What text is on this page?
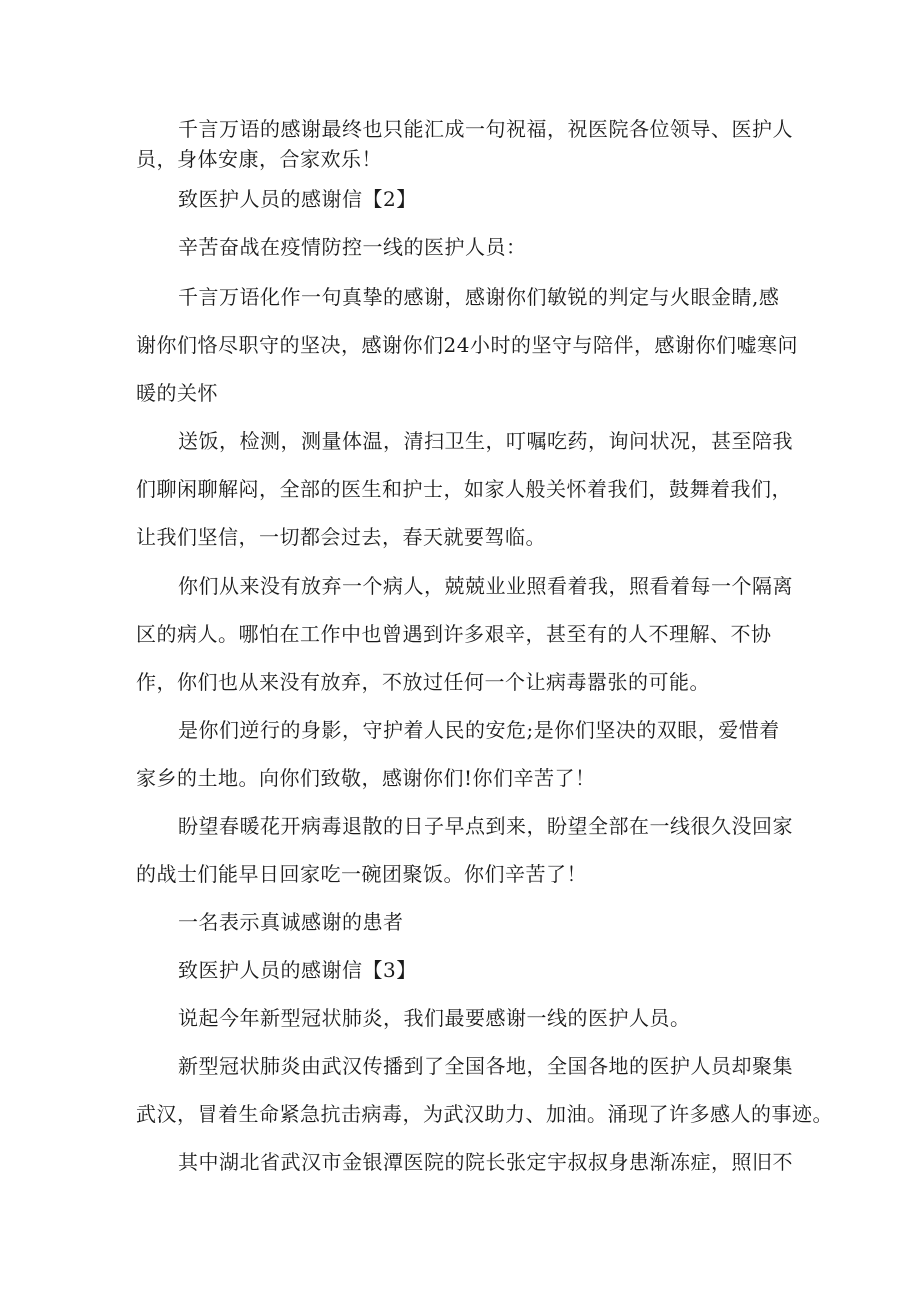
千言万语的感谢最终也只能汇成一句祝福，祝医院各位领导、医护人
员，身体安康，合家欢乐！
致医护人员的感谢信【2】
辛苦奋战在疫情防控一线的医护人员：
千言万语化作一句真挚的感谢，感谢你们敏锐的判定与火眼金睛,感
谢你们恪尽职守的坚决，感谢你们24小时的坚守与陪伴，感谢你们嘘寒问
暖的关怀
送饭，检测，测量体温，清扫卫生，叮嘱吃药，询问状况，甚至陪我
们聊闲聊解闷，全部的医生和护士，如家人般关怀着我们，鼓舞着我们，
让我们坚信，一切都会过去，春天就要驾临。
你们从来没有放弃一个病人，兢兢业业照看着我，照看着每一个隔离
区的病人。哪怕在工作中也曾遇到许多艰辛，甚至有的人不理解、不协
作，你们也从来没有放弃，不放过任何一个让病毒嚣张的可能。
是你们逆行的身影，守护着人民的安危;是你们坚决的双眼，爱惜着
家乡的土地。向你们致敬，感谢你们!你们辛苦了！
盼望春暖花开病毒退散的日子早点到来，盼望全部在一线很久没回家
的战士们能早日回家吃一碗团聚饭。你们辛苦了！
一名表示真诚感谢的患者
致医护人员的感谢信【3】
说起今年新型冠状肺炎，我们最要感谢一线的医护人员。
新型冠状肺炎由武汉传播到了全国各地，全国各地的医护人员却聚集
武汉，冒着生命紧急抗击病毒，为武汉助力、加油。涌现了许多感人的事迹。
其中湖北省武汉市金银潭医院的院长张定宇叔叔身患渐冻症，照旧不
